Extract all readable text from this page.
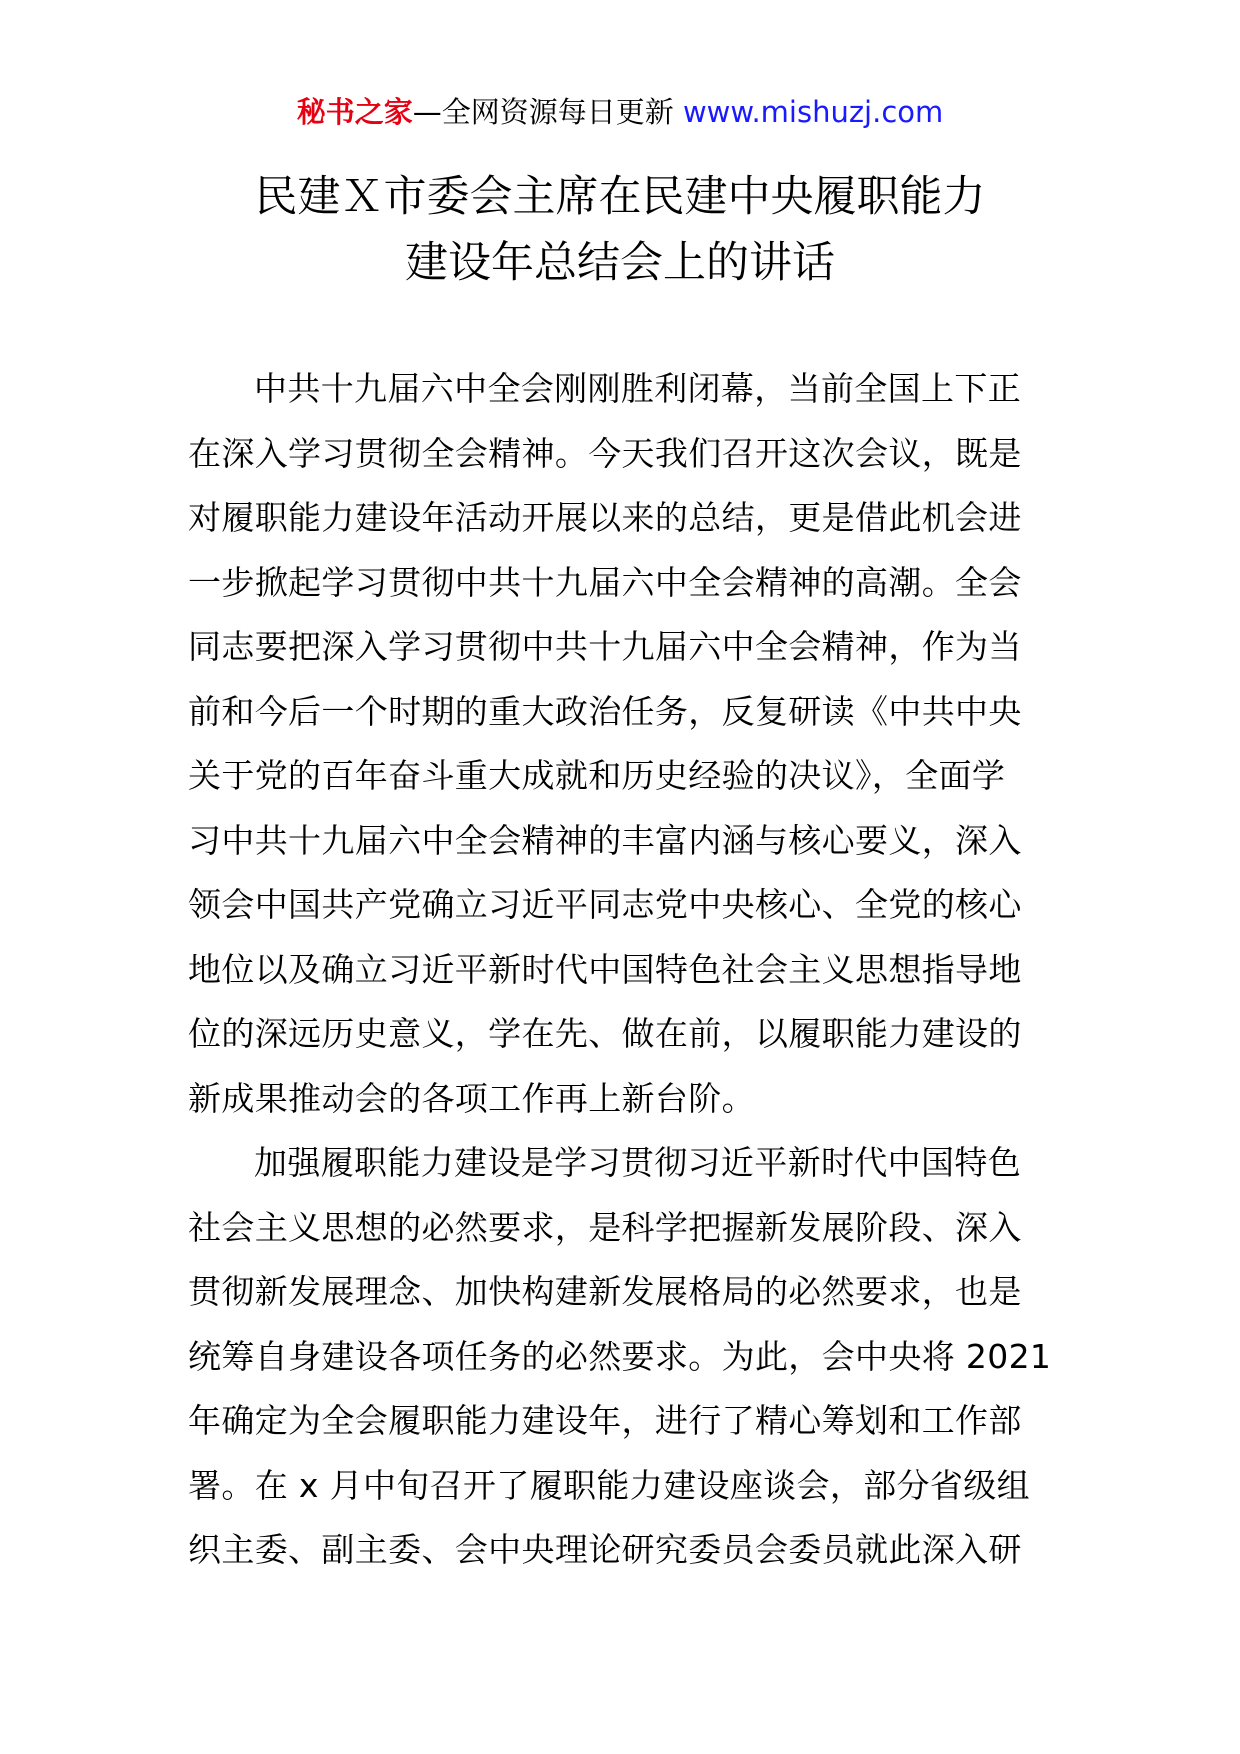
秘书之家—全网资源每日更新 www.mishuzj.com
民建Ｘ市委会主席在民建中央履职能力
建设年总结会上的讲话
中共十九届六中全会刚刚胜利闭幕，当前全国上下正
在深入学习贯彻全会精神。今天我们召开这次会议，既是
对履职能力建设年活动开展以来的总结，更是借此机会进
一步掀起学习贯彻中共十九届六中全会精神的高潮。全会
同志要把深入学习贯彻中共十九届六中全会精神，作为当
前和今后一个时期的重大政治任务，反复研读《中共中央
关于党的百年奋斗重大成就和历史经验的决议》，全面学
习中共十九届六中全会精神的丰富内涵与核心要义，深入
领会中国共产党确立习近平同志党中央核心、全党的核心
地位以及确立习近平新时代中国特色社会主义思想指导地
位的深远历史意义，学在先、做在前，以履职能力建设的
新成果推动会的各项工作再上新台阶。
加强履职能力建设是学习贯彻习近平新时代中国特色
社会主义思想的必然要求，是科学把握新发展阶段、深入
贯彻新发展理念、加快构建新发展格局的必然要求，也是
统筹自身建设各项任务的必然要求。为此，会中央将 2021
年确定为全会履职能力建设年，进行了精心筹划和工作部
署。在 x 月中旬召开了履职能力建设座谈会，部分省级组
织主委、副主委、会中央理论研究委员会委员就此深入研
